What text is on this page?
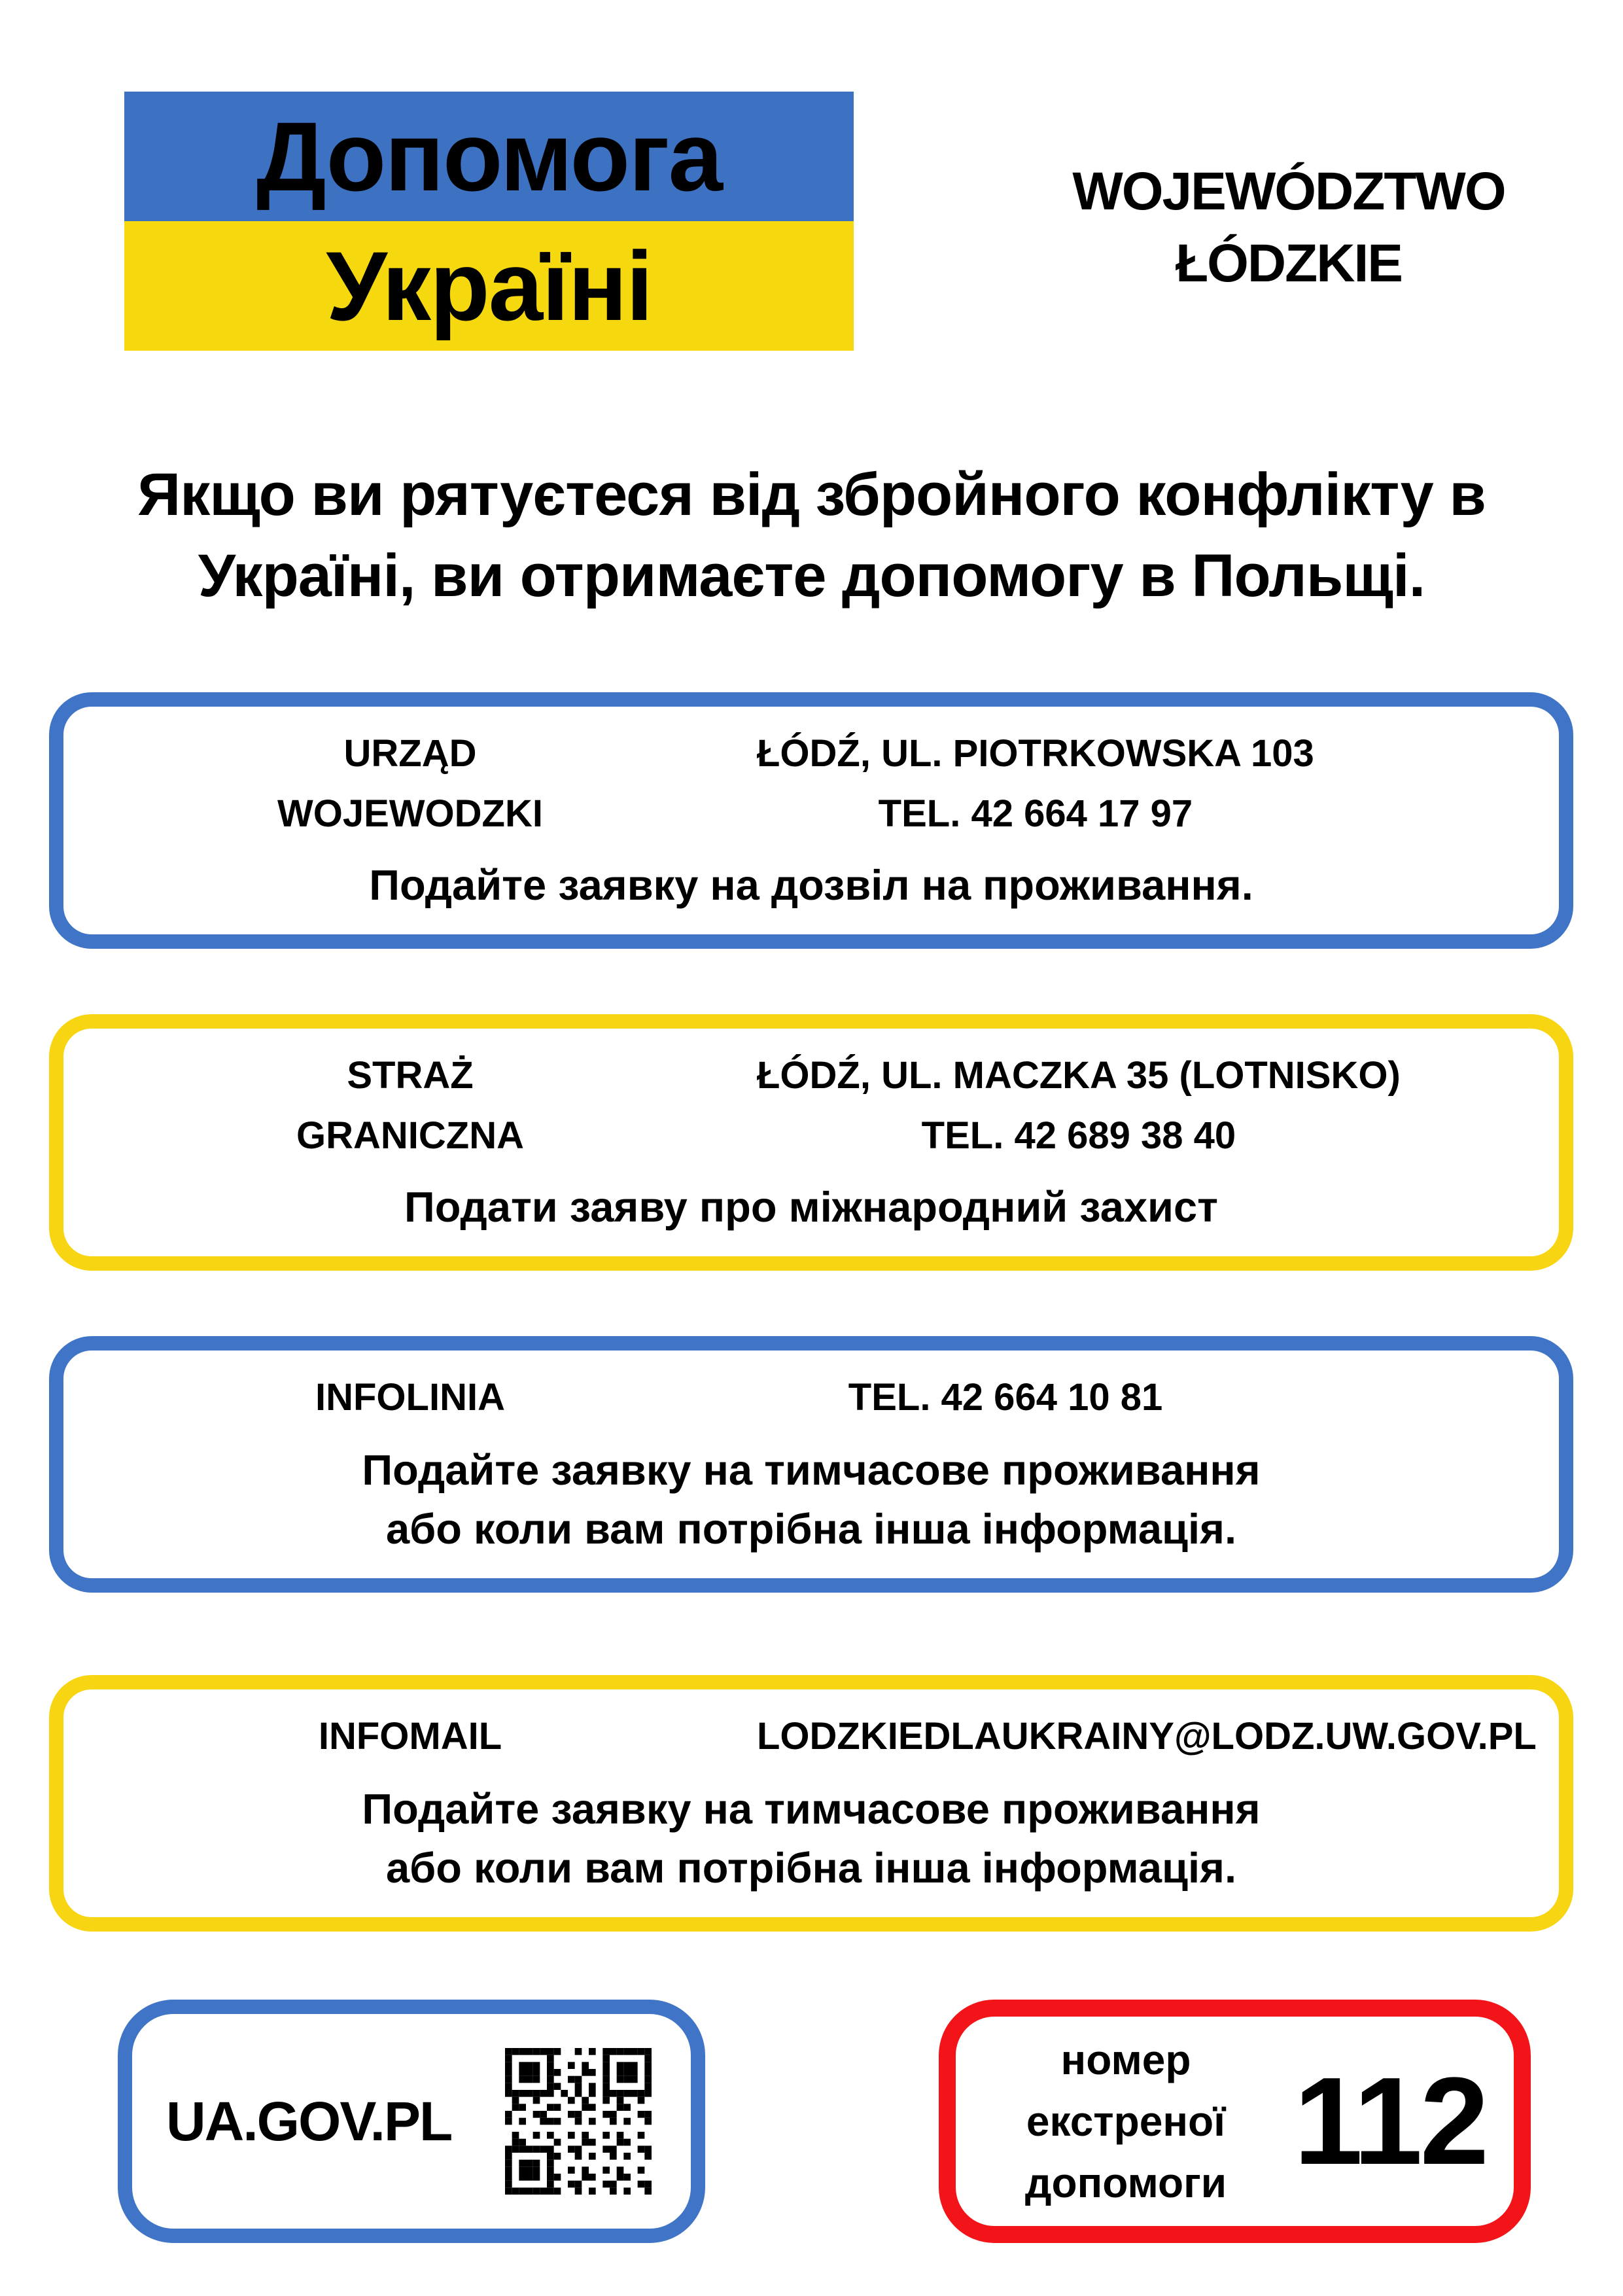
Допомога
Україні
WOJEWÓDZTWO
ŁÓDZKIE
Якщо ви рятуєтеся від збройного конфлікту в
Україні, ви отримаєте допомогу в Польщі.
URZĄD
WOJEWODZKI
ŁÓDŹ, UL. PIOTRKOWSKA 103
TEL. 42 664 17 97
Подайте заявку на дозвіл на проживання.
STRAŻ
GRANICZNA
ŁÓDŹ, UL. MACZKA 35 (LOTNISKO)
TEL. 42 689 38 40
Подати заяву про міжнародний захист
INFOLINIA	TEL. 42 664 10 81
Подайте заявку на тимчасове проживання
або коли вам потрібна інша інформація.
INFOMAIL	LODZKIEDLAUKRAINY@LODZ.UW.GOV.PL
Подайте заявку на тимчасове проживання
або коли вам потрібна інша інформація.
UA.GOV.PL
номер
екстреної
допомоги 112
